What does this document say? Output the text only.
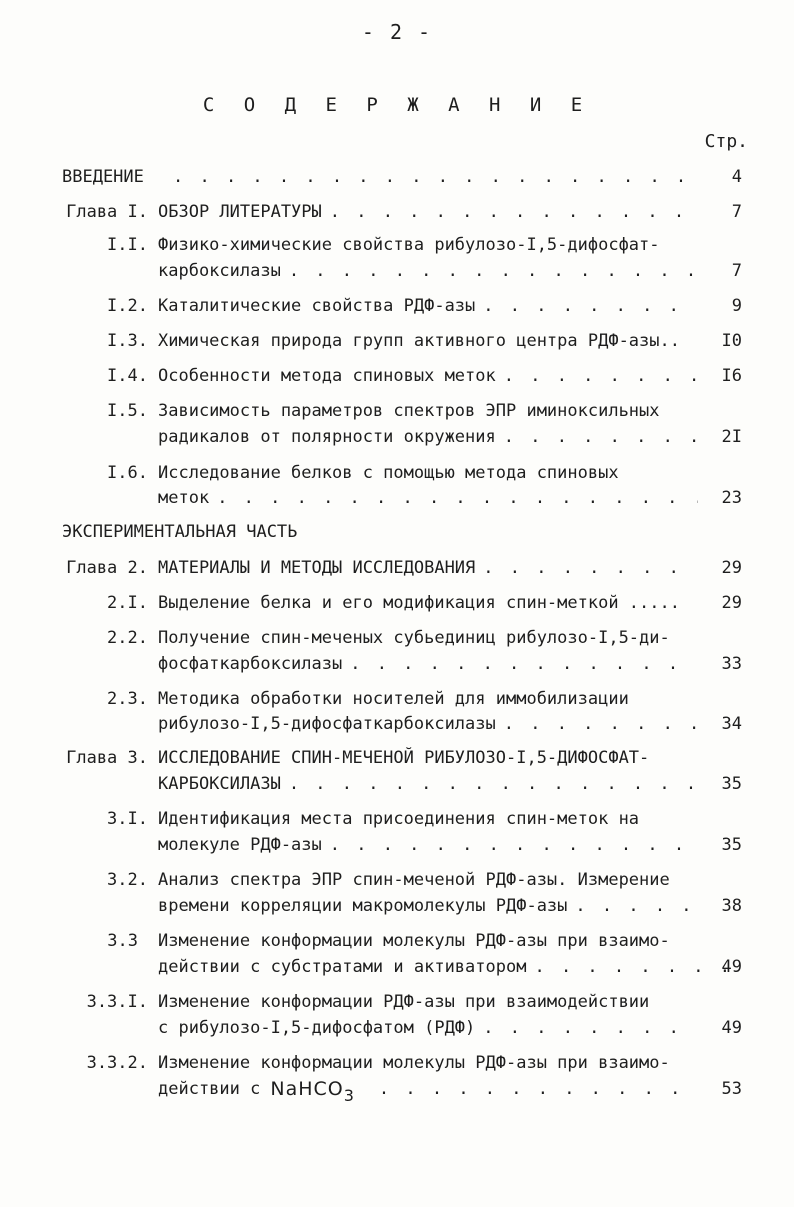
- 2 -
С О Д Е Р Ж А Н И Е
Стр.
ВВЕДЕНИЕ . . .	4
Глава I. ОБЗОР ЛИТЕРАТУРЫ . . .	7
I.I. Физико-химические свойства рибулозо-I,5-дифосфат-
карбоксилазы . . .	7
I.2. Каталитические свойства РДФ-азы . . .	9
I.3. Химическая природа групп активного центра РДФ-азы.. I0
I.4. Особенности метода спиновых меток . . .	I6
I.5. Зависимость параметров спектров ЭПР иминоксильных
радикалов от полярности окружения . . .	2I
I.6. Исследование белков с помощью метода спиновых
меток . . .	23
ЭКСПЕРИМЕНТАЛЬНАЯ ЧАСТЬ
Глава 2. МАТЕРИАЛЫ И МЕТОДЫ ИССЛЕДОВАНИЯ . . .	29
2.I. Выделение белка и его модификация спин-меткой ..... 29
2.2. Получение спин-меченых субьединиц рибулозо-I,5-ди-
фосфаткарбоксилазы . . .	33
2.3. Методика обработки носителей для иммобилизации
рибулозо-I,5-дифосфаткарбоксилазы . . .	34
Глава 3. ИССЛЕДОВАНИЕ СПИН-МЕЧЕНОЙ РИБУЛОЗО-I,5-ДИФОСФАТ-
КАРБОКСИЛАЗЫ . . .	35
3.I. Идентификация места присоединения спин-меток на
молекуле РДФ-азы . . .	35
3.2. Анализ спектра ЭПР спин-меченой РДФ-азы. Измерение
времени корреляции макромолекулы РДФ-азы . . .	38
3.3 Изменение конформации молекулы РДФ-азы при взаимо-
действии с субстратами и активатором . . .	49
3.3.I. Изменение конформации РДФ-азы при взаимодействии
с рибулозо-I,5-дифосфатом (РДФ) . . .	49
3.3.2. Изменение конформации молекулы РДФ-азы при взаимо-
действии с NaHCO$_3$ . . .	53
